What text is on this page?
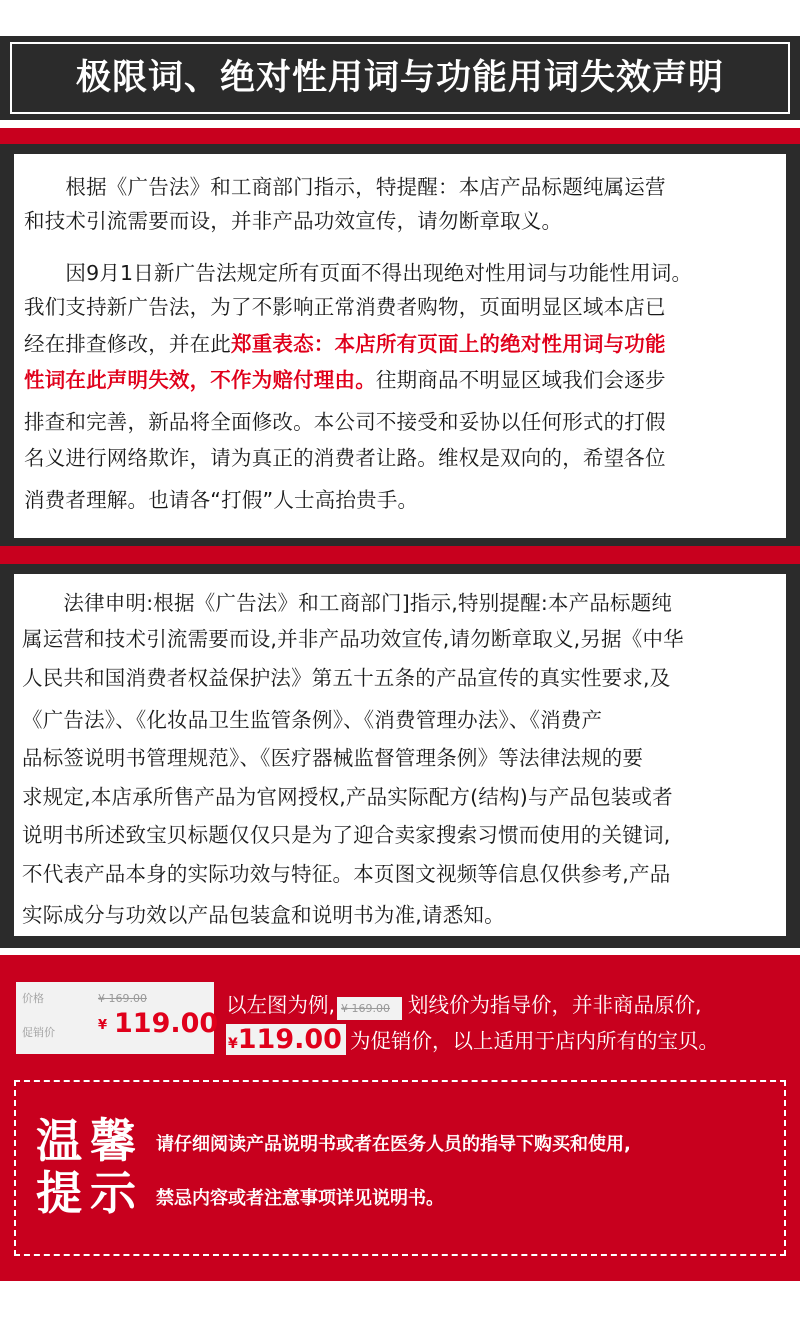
极限词、绝对性用词与功能用词失效声明
　　根据《广告法》和工商部门指示，特提醒：本店产品标题纯属运营
和技术引流需要而设，并非产品功效宣传，请勿断章取义。
　　因9月1日新广告法规定所有页面不得出现绝对性用词与功能性用词。
我们支持新广告法，为了不影响正常消费者购物，页面明显区域本店已
经在排查修改，并在此郑重表态：本店所有页面上的绝对性用词与功能
性词在此声明失效，不作为赔付理由。往期商品不明显区域我们会逐步
排查和完善，新品将全面修改。本公司不接受和妥协以任何形式的打假
名义进行网络欺诈，请为真正的消费者让路。维权是双向的，希望各位
消费者理解。也请各“打假”人士高抬贵手。
　　法律申明:根据《广告法》和工商部门]指示,特别提醒:本产品标题纯
属运营和技术引流需要而设,并非产品功效宣传,请勿断章取义,另据《中华
人民共和国消费者权益保护法》第五十五条的产品宣传的真实性要求,及
《广告法》、《化妆品卫生监管条例》、《消费管理办法》、《消费产
品标签说明书管理规范》、《医疗器械监督管理条例》等法律法规的要
求规定,本店承所售产品为官网授权,产品实际配方(结构)与产品包装或者
说明书所述致宝贝标题仅仅只是为了迎合卖家搜索习惯而使用的关键词,
不代表产品本身的实际功效与特征。本页图文视频等信息仅供参考,产品
实际成分与功效以产品包装盒和说明书为准,请悉知。
价格	¥ 169.00
促销价	¥ 119.00
以左图为例, ¥ 169.00 划线价为指导价，并非商品原价,
¥119.00 为促销价，以上适用于店内所有的宝贝。
温 馨
提 示
请仔细阅读产品说明书或者在医务人员的指导下购买和使用,
禁忌内容或者注意事项详见说明书。
